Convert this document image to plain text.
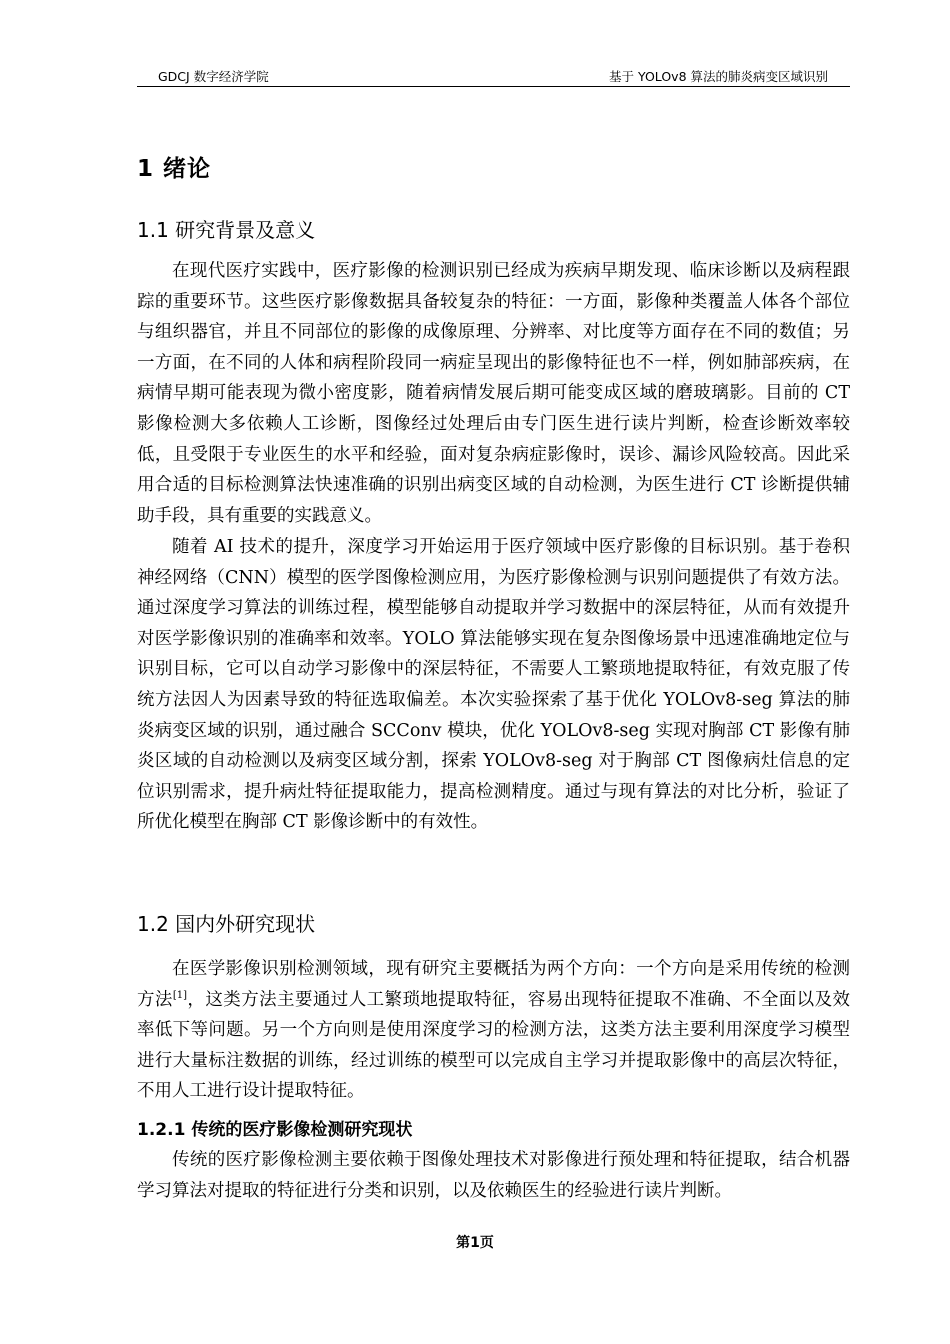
GDCJ 数字经济学院	基于 YOLOv8 算法的肺炎病变区域识别
1 绪论
1.1 研究背景及意义

在现代医疗实践中，医疗影像的检测识别已经成为疾病早期发现、临床诊断以及病程跟踪的重要环节。这些医疗影像数据具备较复杂的特征：一方面，影像种类覆盖人体各个部位与组织器官，并且不同部位的影像的成像原理、分辨率、对比度等方面存在不同的数值；另一方面，在不同的人体和病程阶段同一病症呈现出的影像特征也不一样，例如肺部疾病，在病情早期可能表现为微小密度影，随着病情发展后期可能变成区域的磨玻璃影。目前的 CT 影像检测大多依赖人工诊断，图像经过处理后由专门医生进行读片判断，检查诊断效率较低，且受限于专业医生的水平和经验，面对复杂病症影像时，误诊、漏诊风险较高。因此采用合适的目标检测算法快速准确的识别出病变区域的自动检测，为医生进行 CT 诊断提供辅助手段，具有重要的实践意义。

随着 AI 技术的提升，深度学习开始运用于医疗领域中医疗影像的目标识别。基于卷积神经网络（CNN）模型的医学图像检测应用，为医疗影像检测与识别问题提供了有效方法。通过深度学习算法的训练过程，模型能够自动提取并学习数据中的深层特征，从而有效提升对医学影像识别的准确率和效率。YOLO 算法能够实现在复杂图像场景中迅速准确地定位与识别目标，它可以自动学习影像中的深层特征，不需要人工繁琐地提取特征，有效克服了传统方法因人为因素导致的特征选取偏差。本次实验探索了基于优化 YOLOv8-seg 算法的肺炎病变区域的识别，通过融合 SCConv 模块，优化 YOLOv8-seg 实现对胸部 CT 影像有肺炎区域的自动检测以及病变区域分割，探索 YOLOv8-seg 对于胸部 CT 图像病灶信息的定位识别需求，提升病灶特征提取能力，提高检测精度。通过与现有算法的对比分析，验证了所优化模型在胸部 CT 影像诊断中的有效性。

1.2 国内外研究现状

在医学影像识别检测领域，现有研究主要概括为两个方向：一个方向是采用传统的检测方法[1]，这类方法主要通过人工繁琐地提取特征，容易出现特征提取不准确、不全面以及效率低下等问题。另一个方向则是使用深度学习的检测方法，这类方法主要利用深度学习模型进行大量标注数据的训练，经过训练的模型可以完成自主学习并提取影像中的高层次特征，不用人工进行设计提取特征。

1.2.1 传统的医疗影像检测研究现状

传统的医疗影像检测主要依赖于图像处理技术对影像进行预处理和特征提取，结合机器学习算法对提取的特征进行分类和识别，以及依赖医生的经验进行读片判断。

第1页
